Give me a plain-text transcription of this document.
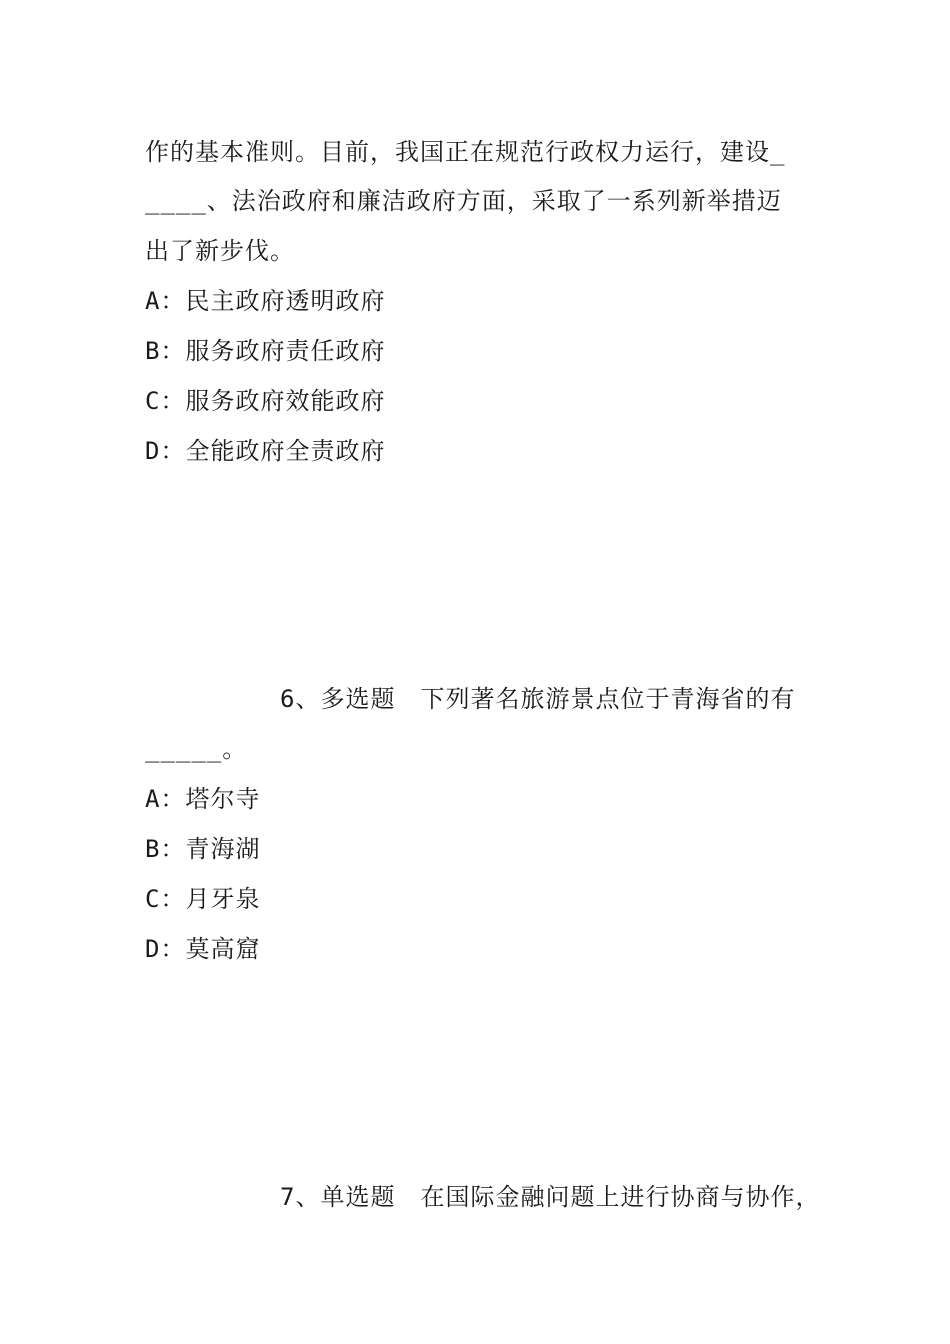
作的基本准则。目前，我国正在规范行政权力运行，建设_
____、法治政府和廉洁政府方面，采取了一系列新举措迈
出了新步伐。
A：民主政府透明政府
B：服务政府责任政府
C：服务政府效能政府
D：全能政府全责政府
6、多选题　下列著名旅游景点位于青海省的有
_____。
A：塔尔寺
B：青海湖
C：月牙泉
D：莫高窟
7、单选题　在国际金融问题上进行协商与协作，
